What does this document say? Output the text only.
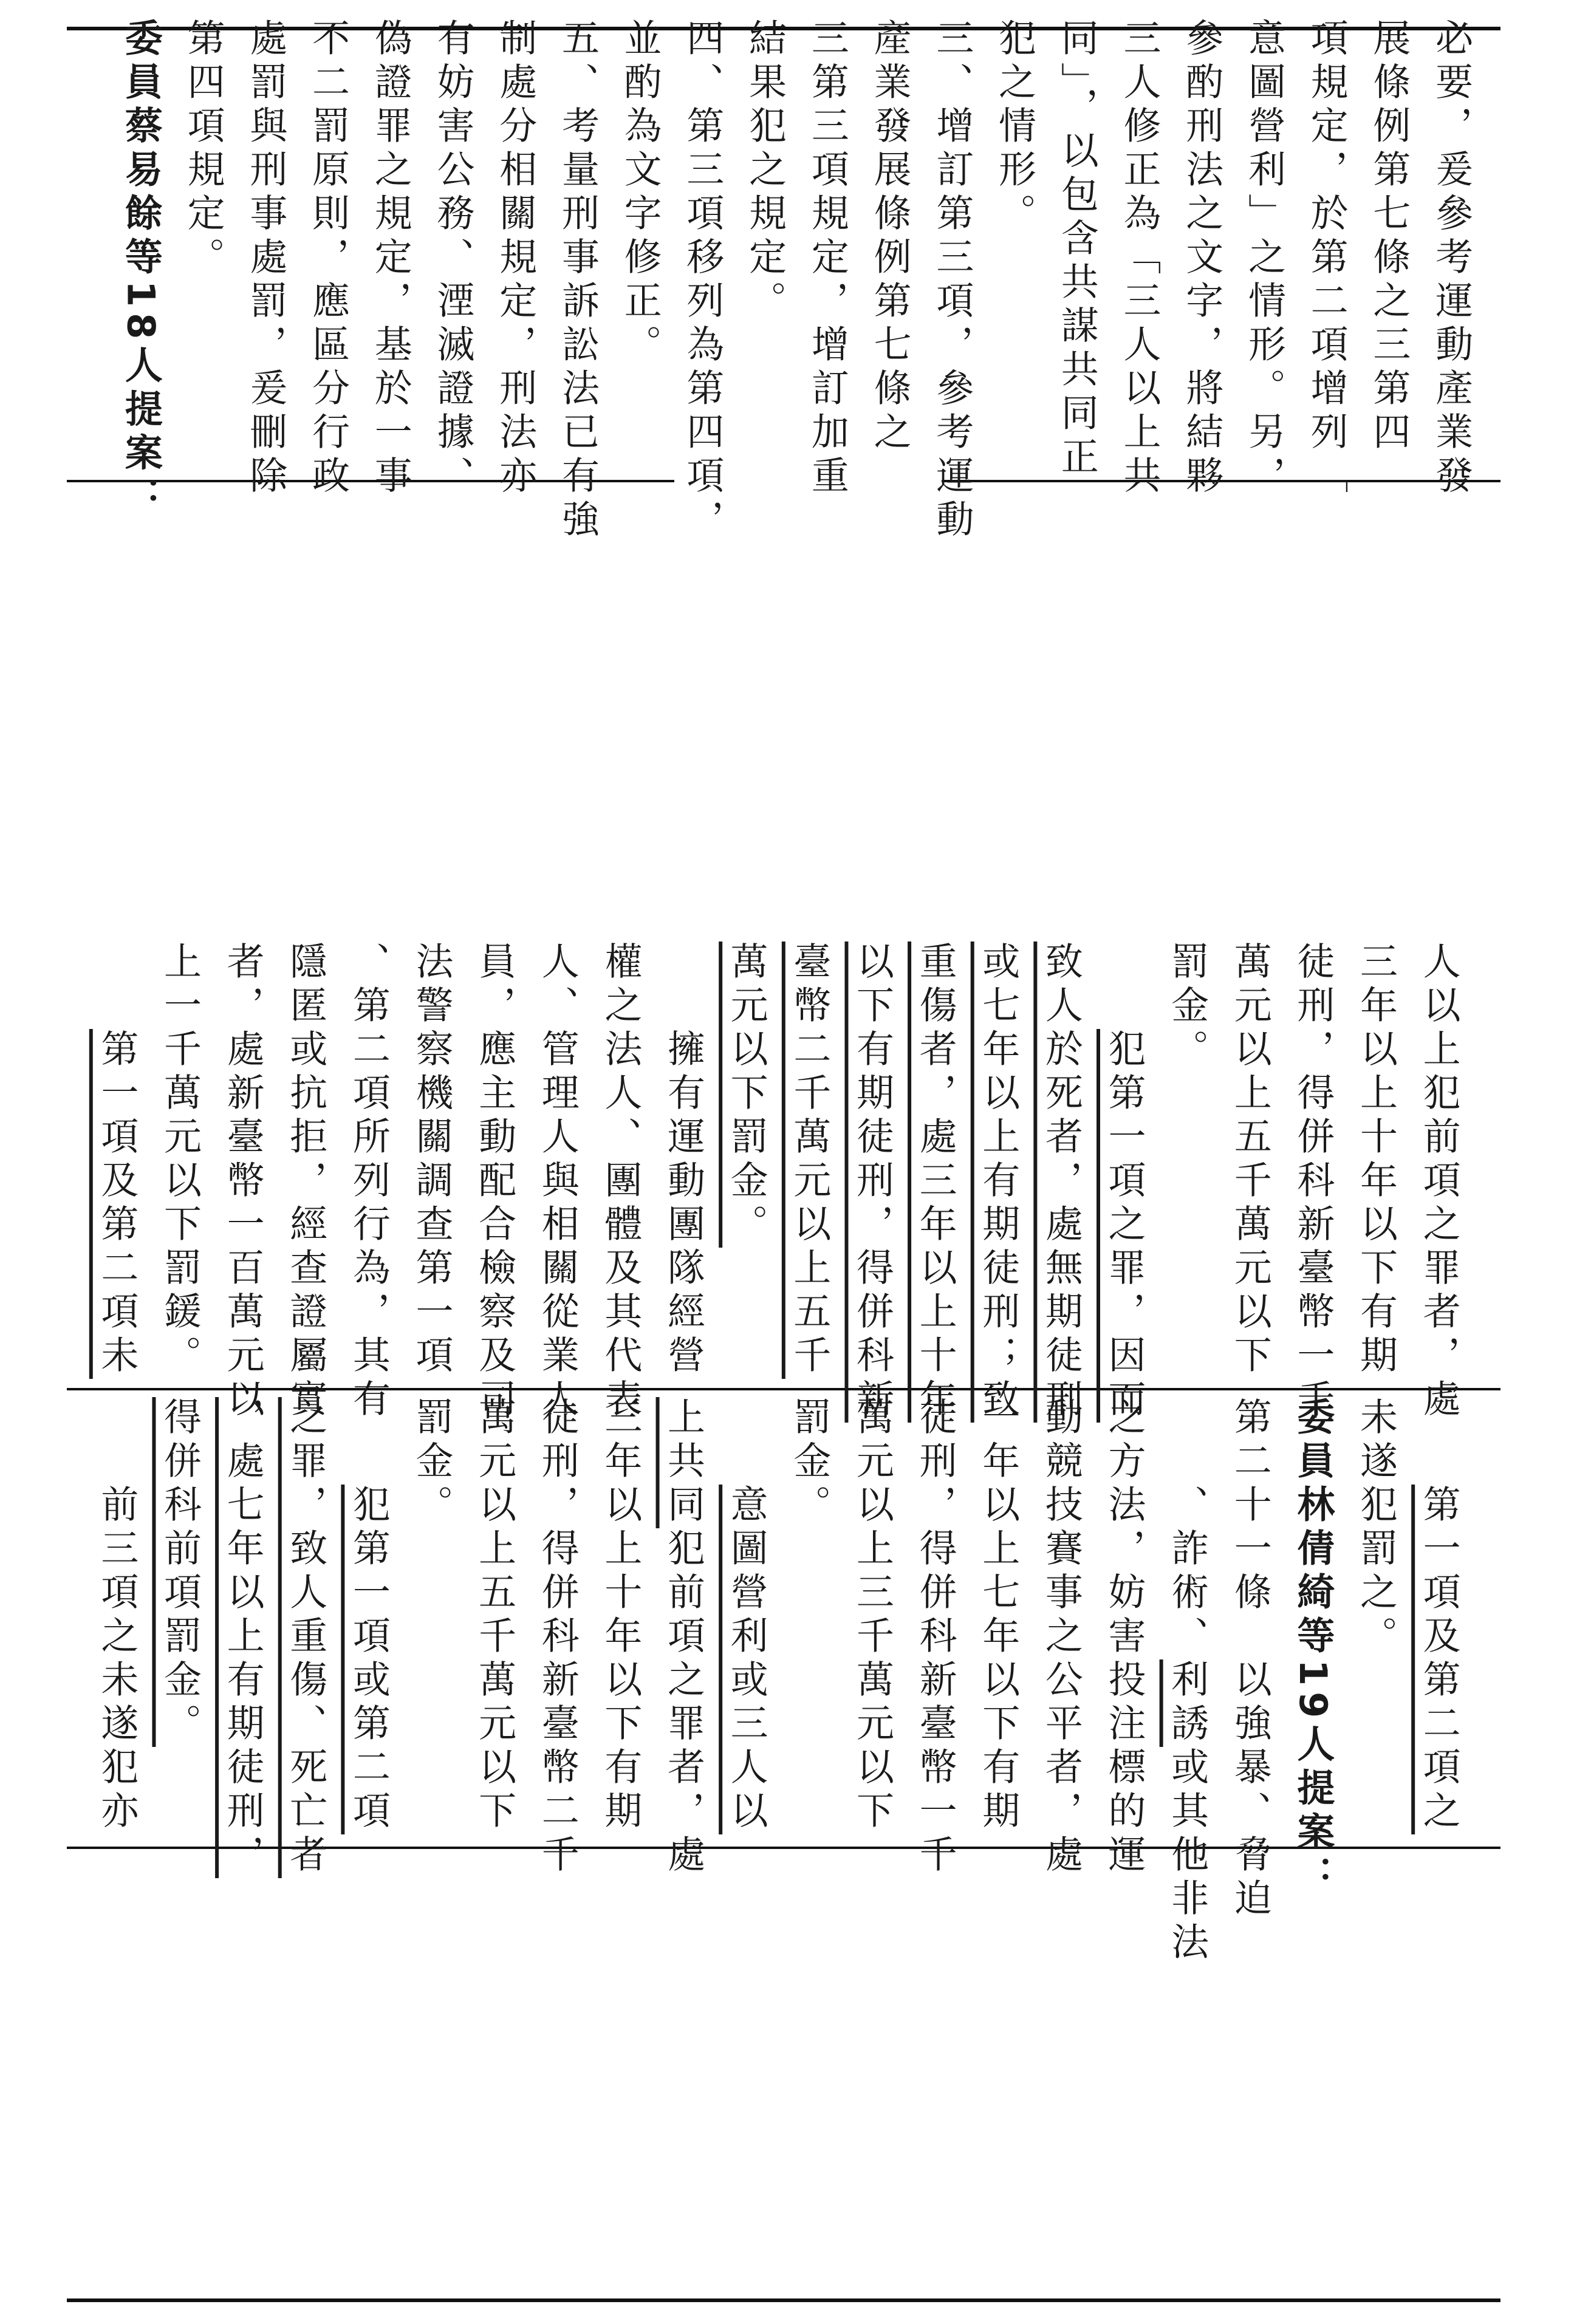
必要，爰參考運動產業發
展條例第七條之三第四
項規定，於第二項增列「
意圖營利」之情形。另，
參酌刑法之文字，將結夥
三人修正為「三人以上共
同」，以包含共謀共同正
犯之情形。
三、增訂第三項，參考運動
產業發展條例第七條之
三第三項規定，增訂加重
結果犯之規定。
四、第三項移列為第四項，
並酌為文字修正。
五、考量刑事訴訟法已有強
制處分相關規定，刑法亦
有妨害公務、湮滅證據、
偽證罪之規定，基於一事
不二罰原則，應區分行政
處罰與刑事處罰，爰刪除
第四項規定。
委員蔡易餘等18人提案：
人以上犯前項之罪者，處
三年以上十年以下有期
徒刑，得併科新臺幣一千
萬元以上五千萬元以下
罰金。
　　犯第一項之罪，因而
致人於死者，處無期徒刑
或七年以上有期徒刑；致
重傷者，處三年以上十年
以下有期徒刑，得併科新
臺幣二千萬元以上五千
萬元以下罰金。
　　擁有運動團隊經營
權之法人、團體及其代表
人、管理人與相關從業人
員，應主動配合檢察及司
法警察機關調查第一項
、第二項所列行為，其有
隱匿或抗拒，經查證屬實
者，處新臺幣一百萬元以
上一千萬元以下罰鍰。
　　第一項及第二項未
　　第一項及第二項之
未遂犯罰之。
委員林倩綺等19人提案：
第二十一條　以強暴、脅迫
　　、詐術、利誘或其他非法
之方法，妨害投注標的運
動競技賽事之公平者，處
一年以上七年以下有期
徒刑，得併科新臺幣一千
萬元以上三千萬元以下
罰金。
　　意圖營利或三人以
上共同犯前項之罪者，處
三年以上十年以下有期
徒刑，得併科新臺幣二千
萬元以上五千萬元以下
罰金。
　　犯第一項或第二項
之罪，致人重傷、死亡者
，處七年以上有期徒刑，
得併科前項罰金。
　　前三項之未遂犯亦
